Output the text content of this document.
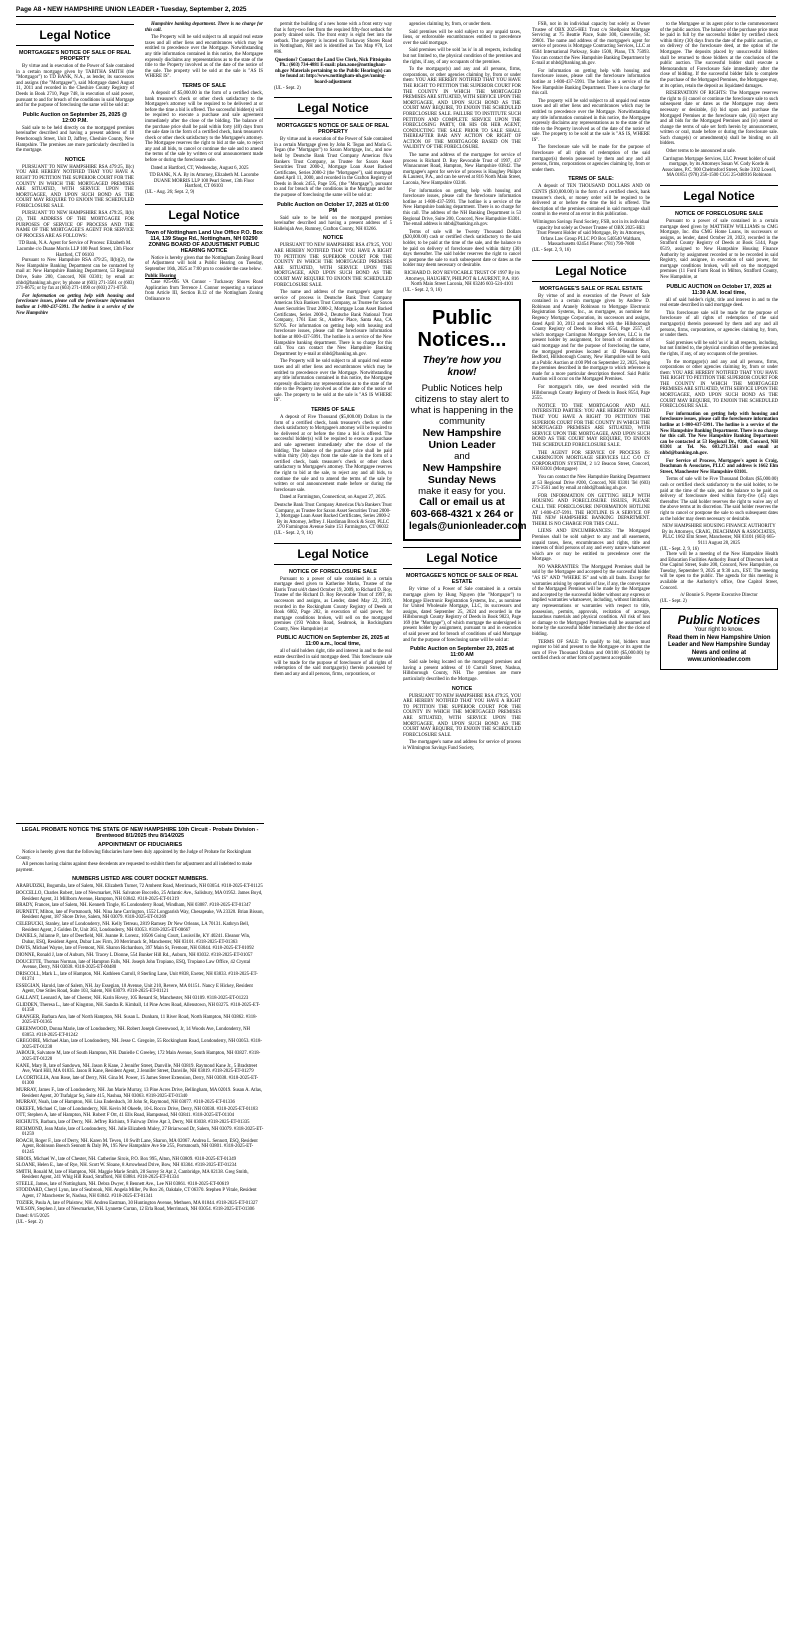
Page A8 • NEW HAMPSHIRE UNION LEADER • Tuesday, September 2, 2025
Legal Notice
MORTGAGEE'S NOTICE OF SALE OF REAL PROPERTY

By virtue and in execution of the Power of Sale contained in a certain mortgage given by TABITHA SMITH (the "Mortgagor") to TD BANK, N.A., as lender, its successors and assigns (the "Mortgagee"), said Mortgage dated August 11, 2011 and recorded in the Cheshire County Registry of Deeds in Book 2710, Page 748, in execution of said power, pursuant to and for breach of the conditions in said Mortgage and for the purpose of foreclosing the same will be sold at:

Public Auction on September 25, 2025 @ 12:00 P.M.

Said sale to be held directly on the mortgaged premises hereinafter described and having a present address of 18 Peterborough Street, Unit D, Jaffrey, Cheshire County, New Hampshire. The premises are more particularly described in the mortgage.

NOTICE

PURSUANT TO NEW HAMPSHIRE RSA 479:25, II(c) YOU ARE HEREBY NOTIFIED THAT YOU HAVE A RIGHT TO PETITION THE SUPERIOR COURT FOR THE COUNTY IN WHICH THE MORTGAGED PREMISES ARE SITUATED, WITH SERVICE UPON THE MORTGAGEE, AND UPON SUCH BOND AS THE COURT MAY REQUIRE TO ENJOIN THE SCHEDULED FORECLOSURE SALE.

PURSUANT TO NEW HAMPSHIRE RSA 479:25, II(b)(2), THE ADDRESS OF THE MORTGAGEE FOR PURPOSES OF SERVICE OF PROCESS AND THE NAME OF THE MORTGAGEE'S AGENT FOR SERVICE OF PROCESS ARE AS FOLLOWS:

TD Bank, N.A. Agent for Service of Process: Elizabeth M. Lacombe c/o Duane Morris LLP 100 Pearl Street, 13th Floor Hartford, CT 06103

Pursuant to New Hampshire RSA 479:25, II(b)(2), the New Hampshire Banking Department can be contacted by mail at: New Hampshire Banking Department, 53 Regional Drive, Suite 200, Concord, NH 03301; by email at: nhbd@banking.nh.gov; by phone at (603) 271-3561 or (603) 271-8675; or by fax at (603) 271-1090 or (603) 271-0750.

For information on getting help with housing and foreclosure issues, please call the foreclosure information hotline at 1-800-437-5991. The hotline is a service of the New Hampshire

Hampshire banking department. There is no charge for this call.

The Property will be sold subject to all unpaid real estate taxes and all other liens and encumbrances which may be entitled to precedence over the Mortgage. Notwithstanding any title information contained in this notice, the Mortgagee expressly disclaims any representations as to the state of the title to the Property involved as of the date of the notice of the sale. The property will be sold at the sale is "AS IS WHERE IS".

TERMS OF SALE

A deposit of $5,000.00 in the form of a certified check, bank treasurer's check or other check satisfactory to the Mortgagee's attorney will be required to be delivered at or before the time a bid is offered. The successful bidder(s) will be required to execute a purchase and sale agreement immediately after the close of the bidding. The balance of the purchase price shall be paid within forty (40) days from the sale date in the form of a certified check, bank treasurer's check or other check satisfactory to the Mortgagee's attorney. The Mortgagee reserves the right to bid at the sale, to reject any and all bids, to cancel or continue the sale and to amend the terms of the sale by written or oral announcement made before or during the foreclosure sale.

Dated at Hartford, CT, Wednesday, August 6, 2025

TD BANK, N.A. By its Attorney, Elizabeth M. Lacombe DUANE MORRIS LLP 100 Pearl Street, 13th Floor Hartford, CT 06103
(UL - Aug. 26; Sept. 2, 9)
Legal Notice
Town of Nottingham Land Use Office P.O. Box 114, 139 Stage Rd., Nottingham, NH 03290 ZONING BOARD OF ADJUSTMENT PUBLIC HEARING NOTICE

Notice is hereby given that the Nottingham Zoning Board of Adjustment will hold a Public Hearing on Tuesday, September 16th, 2025 at 7:00 pm to consider the case below.

Public Hearing

Case #25-005 VA Connor - Tuckaway Shores Road Application from Terrence J. Connor requesting a variance from Article III, Section B.12 of the Nottingham Zoning Ordinance to

permit the building of a new home with a front entry way that is forty-two feet from the required fifty-foot setback for poorly drained soils. The front entry is eight feet into the setback. The property is located on Tuckaway Shores Road in Nottingham, NH and is identified as Tax Map #70, Lot #86.

Questions? Contact the Land Use Clerk, Nick Pittsiquito Ph.: (603) 734-4881 E-mail: plan.zone@nottingham-nh.gov Materials pertaining to the Public Hearing(s) can be found at: http://www.nottingham-nh.gov/zoning-board-adjustment
(UL - Sept. 2)
Legal Notice
MORTGAGEE'S NOTICE OF SALE OF REAL PROPERTY

By virtue and in execution of the Power of Sale contained in a certain Mortgage given by John R. Tegan and Maria G. Tegan (the "Mortgagor") to Saxon Mortgage, Inc., and now held by Deutsche Bank Trust Company Americas f/k/a Bankers Trust Company, as Trustee for Saxon Asset Securities Trust 2000-2, Mortgage Loan Asset Backed Certificates, Series 2000-2 (the "Mortgagee"), said mortgage dated April 11, 2000, and recorded in the Grafton Registry of Deeds in Book 2455, Page 595, (the "Mortgage"), pursuant to and for breach of the conditions in the Mortgage and for the purpose of foreclosing the same will be sold at:

Public Auction on October 17, 2025 at 01:00 PM

Said sale to be held on the mortgaged premises hereinafter described and having a present address of 5 Hallelujah Ave, Rumney, Grafton County, NH 03266.

NOTICE

PURSUANT TO NEW HAMPSHIRE RSA 479:25, YOU ARE HEREBY NOTIFIED THAT YOU HAVE A RIGHT TO PETITION THE SUPERIOR COURT FOR THE COUNTY IN WHICH THE MORTGAGED PREMISES ARE SITUATED, WITH SERVICE UPON THE MORTGAGEE, AND UPON SUCH BOND AS THE COURT MAY REQUIRE TO ENJOIN THE SCHEDULED FORECLOSURE SALE.

The name and address of the mortgagee's agent for service of process is Deutsche Bank Trust Company Americas f/k/a Bankers Trust Company, as Trustee for Saxon Asset Securities Trust 2000-2, Mortgage Loan Asset Backed Certificates, Series 2000-2, Deutsche Bank National Trust Company, 1761 East St., Andrew Place, Santa Ana, CA 92705. For information on getting help with housing and foreclosure issues, please call the foreclosure information hotline at 800-437-5991. The hotline is a service of the New Hampshire banking department. There is no charge for this call. You can contact the New Hampshire Banking Department by e-mail at nhbd@banking.nh.gov.

The Property will be sold subject to all unpaid real estate taxes and all other liens and encumbrances which may be entitled to precedence over the Mortgage. Notwithstanding any title information contained in this notice, the Mortgagee expressly disclaims any representations as to the state of the title to the Property involved as of the date of the notice of sale. The property to be sold at the sale is "AS IS WHERE IS".

TERMS OF SALE

A deposit of Five Thousand ($5,000.00) Dollars in the form of a certified check, bank treasurer's check or other check satisfactory to Mortgagee's attorney will be required to be delivered at or before the time a bid is offered. The successful bidder(s) will be required to execute a purchase and sale agreement immediately after the close of the bidding. The balance of the purchase price shall be paid within thirty (30) days from the sale date in the form of a certified check, bank treasurer's check or other check satisfactory to Mortgagee's attorney. The Mortgagee reserves the right to bid at the sale, to reject any and all bids, to continue the sale and to amend the terms of the sale by written or oral announcement made before or during the foreclosure sale.

Dated at Farmington, Connecticut, on August 27, 2025.

Deutsche Bank Trust Company Americas f/k/a Bankers Trust Company, as Trustee for Saxon Asset Securities Trust 2000-2, Mortgage Loan Asset Backed Certificates, Series 2000-2 By its Attorney, Jeffrey J. Hardiman Brock & Scott, PLLC 270 Farmington Avenue Suite 151 Farmington, CT 06032
(UL - Sept. 2, 9, 16)
Legal Notice
NOTICE OF FORECLOSURE SALE

Pursuant to a power of sale contained in a certain mortgage deed given to Katherine Marks, Trustee of the Harris Trust u/d/t dated October 19, 2009, to Richard D. Roy, Trustee of the Richard D. Roy Revocable Trust of 1997, its successors and assigns, as Lender, dated May 22, 2019, recorded in the Rockingham County Registry of Deeds at Book 6002, Page 282, in execution of said power, for mortgage conditions broken, will sell on the mortgaged premises (193 Walton Road, Seabrook, in Rockingham County, New Hampshire) at

PUBLIC AUCTION on September 26, 2025 at 11:00 a.m., local time,

all of said holders right, title and interest in and to the real estate described in said mortgage deed. This foreclosure sale will be made for the purpose of foreclosure of all rights of redemption of the said mortgagor(s) therein possessed by them and any and all persons, firms, corporations, or

agencies claiming by, from, or under them.

Said premises will be sold subject to any unpaid taxes, liens, or enforceable encumbrances entitled to precedence over the said mortgage.

Said premises will be sold 'as is' in all respects, including but not limited to, the physical condition of the premises and the rights, if any, of any occupants of the premises.

To the mortgagor(s) and any and all persons, firms, corporations, or other agencies claiming by, from or under them: YOU ARE HEREBY NOTIFIED THAT YOU HAVE THE RIGHT TO PETITION THE SUPERIOR COURT FOR THE COUNTY IN WHICH THE MORTGAGED PREMISES ARE SITUATED, WITH SERVICE UPON THE MORTGAGEE, AND UPON SUCH BOND AS THE COURT MAY REQUIRE, TO ENJOIN THE SCHEDULED FORECLOSURE SALE. FAILURE TO INSTITUTE SUCH PETITION AND COMPLETE SERVICE UPON THE FORECLOSING PARTY, OR HIS OR HER AGENT, CONDUCTING THE SALE PRIOR TO SALE SHALL THEREAFTER BAR ANY ACTION OR RIGHT OF ACTION OF THE MORTGAGOR BASED ON THE VALIDITY OF THE FORECLOSURE.

The name and address of the mortgagee for service of process is Richard D. Roy Revocable Trust of 1997, 437 Winnacunnet Road, Hampton, New Hampshire 03842. The mortgagee's agent for service of process is Haughey Philpot & Laurent, P.A., and can be served at 816 North Main Street, Laconia, New Hampshire 03246.

For information on getting help with housing and foreclosure issues, please call the foreclosure information hotline at 1-800-437-5991. The hotline is a service of the New Hampshire banking department. There is no charge for this call. The address of the NH Banking Department is 53 Regional Drive, Suite 200, Concord, New Hampshire 03301. The email address is nhbd@banking.nh.gov.

Terms of sale will be Twenty Thousand Dollars ($20,000.00) cash or certified check satisfactory to the said holder, to be paid at the time of the sale, and the balance to be paid on delivery of foreclosure deed within thirty (30) days thereafter. The said holder reserves the right to cancel or postpone the sale to such subsequent date or dates as the holder may deem necessary or desirable.

RICHARD D. ROY REVOCABLE TRUST OF 1997 By its Attorneys, HAUGHEY, PHILPOT & LAURENT, P.A. 816 North Main Street Laconia, NH 03246 603-524-4101
(UL - Sept. 2, 9, 16)
Public Notices...
They're how you know!
Public Notices help citizens to stay alert to what is happening in the community
New Hampshire Union Leader
and
New Hampshire Sunday News
make it easy for you.
Call or email us at 603-668-4321 x 264 or legals@unionleader.com
Legal Notice
MORTGAGEE'S NOTICE OF SALE OF REAL ESTATE

By virtue of a Power of Sale contained in a certain mortgage given by Hung Nguyen (the "Mortgagor") to Mortgage Electronic Registration Systems, Inc., as nominee for United Wholesale Mortgage, LLC, its successors and assigns, dated September 25, 2024 and recorded in the Hillsborough County Registry of Deeds in Book 9823, Page 169 (the "Mortgage"), of which mortgage the undersigned is present holder by assignment, pursuant to and in execution of said power and for breach of conditions of said Mortgage and for the purpose of foreclosing same will be sold at:

Public Auction on September 23, 2025 at 11:00 AM

Said sale being located on the mortgaged premises and having a present address of 10 Carroll Street, Nashua, Hillsborough County, NH. The premises are more particularly described in the Mortgage.

NOTICE

PURSUANT TO NEW HAMPSHIRE RSA 479:25, YOU ARE HEREBY NOTIFIED THAT YOU HAVE A RIGHT TO PETITION THE SUPERIOR COURT FOR THE COUNTY IN WHICH THE MORTGAGED PREMISES ARE SITUATED, WITH SERVICE UPON THE MORTGAGEE, AND UPON SUCH BOND AS THE COURT MAY REQUIRE, TO ENJOIN THE SCHEDULED FORECLOSURE SALE.

The mortgagee's name and address for service of process is Wilmington Savings Fund Society,

FSB, not in its individual capacity but solely as Owner Trustee of OBX 2025-HE1 Trust c/o Shellpoint Mortgage Servicing at 75 Beattie Place, Suite 300, Greenville, SC 29601. The name and address of the mortgagee's agent for service of process is Mortgage Contracting Services, LLC at 6504 International Parkway, Suite 1500, Plano, TX 75093. You can contact the New Hampshire Banking Department by E-mail at nhbd@banking.nh.gov.

For information on getting help with housing and foreclosure issues, please call the foreclosure information hotline at 1-800-437-5991. The hotline is a service of the New Hampshire Banking Department. There is no charge for this call.

The property will be sold subject to all unpaid real estate taxes and all other liens and encumbrances which may be entitled to precedence over the Mortgage. Notwithstanding any title information contained in this notice, the Mortgagee expressly disclaims any representations as to the state of the title to the Property involved as of the date of the notice of sale. The property to be sold at the sale is "AS IS, WHERE IS".

The foreclosure sale will be made for the purpose of foreclosure of all rights of redemption of the said mortgagor(s) therein possessed by them and any and all persons, firms, corporations or agencies claiming by, from or under them.

TERMS OF SALE:

A deposit of TEN THOUSAND DOLLARS AND 00 CENTS ($10,000.00) in the form of a certified check, bank treasurer's check, or money order will be required to be delivered at or before the time the bid is offered. The description of the premises contained in said mortgage shall control in the event of an error in this publication.

Wilmington Savings Fund Society, FSB, not in its individual capacity but solely as Owner Trustee of OBX 2025-HE1 Trust Present Holder of said Mortgage, By its Attorneys, Orlans Law Group PLLC PO Box 540540 Waltham, Massachusetts 02454 Phone: (781) 790-7800
(UL - Sept. 2, 9, 16)
Legal Notice
MORTGAGEE'S SALE OF REAL ESTATE

By virtue of and in execution of the Power of Sale contained in a certain mortgage given by Andrew D. Robinson and Aranely Robinson to Mortgage Electronic Registration Systems, Inc., as mortgagee, as nominee for Regency Mortgage Corporation, its successors and assigns, dated April 30, 2013 and recorded with the Hillsborough County Registry of Deeds in Book 8554, Page 2557, of which mortgage Carrington Mortgage Services, LLC is the present holder by assignment, for breach of conditions of said mortgage and for the purpose of foreclosing the same, the mortgaged premises located at 42 Pheasant Run, Bedford, Hillsborough County, New Hampshire will be sold at a Public Auction at 4:00 PM on September 22, 2025, being the premises described in the mortgage to which reference is made for a more particular description thereof. Said Public Auction will occur on the Mortgaged Premises.

For mortgagor's title, see deed recorded with the Hillsborough County Registry of Deeds in Book 8554, Page 2555.

NOTICE TO THE MORTGAGOR AND ALL INTERESTED PARTIES: YOU ARE HEREBY NOTIFIED THAT YOU HAVE A RIGHT TO PETITION THE SUPERIOR COURT FOR THE COUNTY IN WHICH THE MORTGAGED PREMISES ARE SITUATED, WITH SERVICE UPON THE MORTGAGEE, AND UPON SUCH BOND AS THE COURT MAY REQUIRE, TO ENJOIN THE SCHEDULED FORECLOSURE SALE.

THE AGENT FOR SERVICE OF PROCESS IS: CARRINGTON MORTGAGE SERVICES LLC C/O CT CORPORATION SYSTEM, 2 1/2 Beacon Street, Concord, NH 03301 (Mortgagee)

You can contact the New Hampshire Banking Department at 53 Regional Drive #200, Concord, NH 03301 Tel (603) 271-3561 and by email at nhbd@banking.nh.gov.

FOR INFORMATION ON GETTING HELP WITH HOUSING AND FORECLOSURE ISSUES, PLEASE CALL THE FORECLOSURE INFORMATION HOTLINE AT 1-800-437-5991. THE HOTLINE IS A SERVICE OF THE NEW HAMPSHIRE BANKING DEPARTMENT. THERE IS NO CHARGE FOR THIS CALL.

LIENS AND ENCUMBRANCES: The Mortgaged Premises shall be sold subject to any and all easements, unpaid taxes, liens, encumbrances and rights, title and interests of third persons of any and every nature whatsoever which are or may be entitled to precedence over the Mortgage.

NO WARRANTIES: The Mortgaged Premises shall be sold by the Mortgagee and accepted by the successful bidder "AS IS" AND "WHERE IS" and with all faults. Except for warranties arising by operation of law, if any, the conveyance of the Mortgaged Premises will be made by the Mortgagee and accepted by the successful bidder without any express or implied warranties whatsoever, including, without limitation, any representations or warranties with respect to title, possession, permits, approvals, recitation of acreage, hazardous materials and physical condition. All risk of loss or damage to the Mortgaged Premises shall be assumed and borne by the successful bidder immediately after the close of bidding.

TERMS OF SALE: To qualify to bid, bidders must register to bid and present to the Mortgagee or its agent the sum of Five Thousand Dollars and 00/100 ($5,000.00) by certified check or other form of payment acceptable

to the Mortgagee or its agent prior to the commencement of the public auction. The balance of the purchase price must be paid in full by the successful bidder by certified check within thirty (30) days from the date of the public auction, or on delivery of the foreclosure deed, at the option of the Mortgagee. The deposits placed by unsuccessful bidders shall be returned to those bidders at the conclusion of the public auction. The successful bidder shall execute a Memorandum of Foreclosure Sale immediately after the close of bidding. If the successful bidder fails to complete the purchase of the Mortgaged Premises, the Mortgagee may, at its option, retain the deposit as liquidated damages.

RESERVATION OF RIGHTS: The Mortgagee reserves the right to (i) cancel or continue the foreclosure sale to such subsequent date or dates as the Mortgagee may deem necessary or desirable, (ii) bid upon and purchase the Mortgaged Premises at the foreclosure sale, (iii) reject any and all bids for the Mortgaged Premises and (iv) amend or change the terms of sale set forth herein by announcement, written or oral, made before or during the foreclosure sale. Such change(s) or amendment(s) shall be binding on all bidders.

Other terms to be announced at sale.

Carrington Mortgage Services, LLC Present holder of said mortgage, by its Attorneys Susan W. Cody Korde & Associates, P.C. 900 Chelmsford Street, Suite 3102 Lowell, MA 01851 (978) 256-1500 CGG 25-048916 Robinson
Legal Notice
NOTICE OF FORECLOSURE SALE

Pursuant to a power of sale contained in a certain mortgage deed given by MATTHEW WILLIAMS to CMG Mortgage, Inc. dba CMG Home Loans, its successors or assigns, as lender, dated October 20, 2023, recorded in the Strafford County Registry of Deeds at Book 5144, Page 0519, assigned to New Hampshire Housing Finance Authority by assignment recorded or to be recorded in said Registry, said assignee, in execution of said power, for mortgage conditions broken, will sell on the mortgaged premises (11 Ford Farm Road in Milton, Strafford County, New Hampshire, at

PUBLIC AUCTION on October 17, 2025 at 11:30 A.M. local time,

all of said holder's right, title and interest in and to the real estate described in said mortgage deed.

This foreclosure sale will be made for the purpose of foreclosure of all rights of redemption of the said mortgagor(s) therein possessed by them and any and all persons, firms, corporations, or agencies claiming by, from, or under them.

Said premises will be sold 'as is' in all respects, including, but not limited to, the physical condition of the premises and the rights, if any, of any occupants of the premises.

To the mortgagor(s) and any and all persons, firms, corporations or other agencies claiming by, from or under them: YOU ARE HEREBY NOTIFIED THAT YOU HAVE THE RIGHT TO PETITION THE SUPERIOR COURT FOR THE COUNTY IN WHICH THE MORTGAGED PREMISES ARE SITUATED, WITH SERVICE UPON THE MORTGAGEE, AND UPON SUCH BOND AS THE COURT MAY REQUIRE, TO ENJOIN THE SCHEDULED FORECLOSURE SALE.

For information on getting help with housing and foreclosure issues, please call the foreclosure information hotline at 1-800-437-5991. The hotline is a service of the New Hampshire Banking Department. There is no charge for this call. The New Hampshire Banking Department can be contacted at 53 Regional Dr., #200, Concord, NH 03301 at Tel. No. 603.271.3561 and email at nhbd@banking.nh.gov.

For Service of Process, Mortgagee's agent is Craig, Deachman & Associates, PLLC and address is 1662 Elm Street, Manchester New Hampshire 03101.

Terms of sale will be Five Thousand Dollars ($5,000.00) cash or certified check satisfactory to the said holder, to be paid at the time of the sale, and the balance to be paid on delivery of foreclosure deed within forty-five (45) days thereafter. The said holder reserves the right to waive any of the above terms at its discretion. The said holder reserves the right to cancel or postpone the sale to such subsequent dates as the holder may deem necessary or desirable.

NEW HAMPSHIRE HOUSING FINANCE AUTHORITY By its Attorneys, CRAIG, DEACHMAN & ASSOCIATES, PLLC 1662 Elm Street, Manchester, NH 03101 (603) 665-9111 August 28, 2025
(UL - Sept. 2, 9, 16)

There will be a meeting of the New Hampshire Health and Education Facilities Authority Board of Directors held at One Capitol Street, Suite 200, Concord, New Hampshire, on Tuesday, September 9, 2025 at 9:30 a.m., EST. The meeting will be open to the public. The agenda for this meeting is available at the Authority's office, One Capitol Street, Concord.

/s/ Bonnie S. Payette Executive Director
(UL - Sept. 2)
Public Notices
Your right to know.
Read them in New Hampshire Union Leader and New Hampshire Sunday News and online at www.unionleader.com
LEGAL PROBATE NOTICE THE STATE OF NEW HAMPSHIRE 10th Circuit - Probate Division - Brentwood 8/1/2025 thru 8/14/2025
APPOINTMENT OF FIDUCIARIES

Notice is hereby given that the following fiduciaries have been duly appointed by the Judge of Probate for Rockingham County.

All persons having claims against these decedents are requested to exhibit them for adjustment and all indebted to make payment.

NUMBERS LISTED ARE COURT DOCKET NUMBERS.

ARABUDZKI, Bogumila, late of Salem, NH. Elizabeth Turner, 72 Amherst Road, Merrimack, NH 03054. #318-2025-ET-01125

BOCCELLO, Charles Robert, late of Newmarket, NH. Salvatore Boccello, 25 Atlantic Ave., Salisbury, MA 01952. James Boyd, Resident Agent, 31 Millborn Avenue, Hampton, NH 03842. #318-2025-ET-01319

BRADY, Frances, late of Salem, NH. Kenneth Tingle, 85 Londonderry Road, Windham, NH 03087. #318-2025-ET-01347

BURNETT, Milton, late of Portsmouth, NH. Nina Jane Carrington, 1552 Longparish Way, Chesapeake, VA 23320. Brian Bisson, Resident Agent, 187 Shore Drive, Salem, NH 03079. #318-2025-ET-01269

CELEBUCKI, Stanley, late of Londonderry, NH. Kelly Tetreau, 2819 Ramsey Dr New Orleans, LA 70131. Kathryn Bell, Resident Agent, 2 Golden Dr, Unit 363, Londonderry, NH 03053. #318-2025-ET-00667

DANIELS, Julianne P., late of Deerfield, NH. Joanne R. Lorenz, 10506 Going Court, Louisville, KY 40241. Eleanor Win, Dubar, ESQ, Resident Agent, Dubar Law Firm, 20 Merrimack St, Manchester, NH 03101. #318-2025-ET-01363

DAVIS, Michael Wayne, late of Fremont, NH. Sharon Richardson, 397 Main St, Fremont, NH 03044. #318-2025-ET-01092

DIONNE, Ronald J, late of Auburn, NH. Tracey L Dionne, 554 Bunker Hill Rd., Auburn, NH 03032. #318-2025-ET-01057

DOUCETTE, Thomas Norman, late of Hampton Falls, NH. Joseph John Tropiano, ESQ, Tropiano Law Office, 42 Crystal Avenue, Derry, NH 03038. #318-2025-ET-00480

DRISCOLL, Mark L., late of Hampton, NH. Kathleen Carroll, 8 Sterling Lane, Unit #838, Exeter, NH 03833. #318-2025-ET-01374

ESSEGIAN, Harold, late of Salem, NH. Jay Essegian, 10 Avenue, Unit 210, Revere, MA 01151. Nancy E Hickey, Resident Agent, One Stiles Road, Suite 103, Salem, NH 03079. #318-2025-ET-01121

GALLANT, Leonard A, late of Chester, NH. Karin Hovey, 105 Renard St, Manchester, NH 03109. #318-2025-ET-01223

GLIDDEN, Theresa L., late of Kingston, NH. Sandra R. Kimball, 14 Pine Acres Road, Allenstown, NH 03275. #318-2025-ET-01358

GRANGER, Barbara Ann, late of North Hampton, NH. Susan L. Dunham, 11 River Road, North Hampton, NH 03862. #318-2025-ET-01365

GREENWOOD, Donna Marie, late of Londonderry, NH. Robert Joseph Greenwood, Jr, 14 Woods Ave, Londonderry, NH 03053. #318-2025-ET-01242

GREGOIRE, Michael Alan, late of Londonderry, NH. Jesse C. Gregoire, 55 Rockingham Road, Londonderry, NH 03053. #318-2025-ET-01238

JABOUR, Salvatore M, late of South Hampton, NH. Danielle C Greeley, 172 Main Avenue, South Hampton, NH 03827. #318-2025-ET-01228

KANE, Mary R, late of Sandown, NH. Jason R Kane, 2 Jennifer Street, Danville, NH 03819. Raymond Kane Jr., 5 Bradstreet Ave, Ward Hill, MA 01835. Jason R Kane, Resident Agent, 2 Jennifer Street, Danville, NH 03819. #318-2025-ET-01279

LA CORTIGLIA, Ann Rose, late of Derry, NH. Gina M. Power, 15 James Street Extension, Derry, NH 03038. #318-2025-ET-01300

MURRAY, James F., late of Londonderry, NH. Jan Marie Murray, 13 Pine Acres Drive, Bellingham, MA 02019. Susan A. Atlas, Resident Agent, 20 Trafalgar Sq, Suite 415, Nashua, NH 03063. #318-2025-ET-01340

MURRAY, Noah, late of Hampton, NH. Lisa Endenbach, 30 John St, Raymond, NH 03077. #318-2025-ET-01336

OKEEFE, Michael C, late of Londonderry, NH. Kevin M Okeefe, 10-L Rocco Drive, Derry, NH 03038. #318-2025-ET-01183

OTT, Stephen A, late of Hampton, NH. Robert F Ott, 41 Ells Road, Hampstead, NH 03841. #318-2025-ET-01104

RICHIUTS, Barbara, late of Derry, NH. Jeffrey Richiuts, 9 Fairway Drive Apt 3, Derry, NH 03038. #318-2025-ET-01335

RICHMOND, Jean Marie, late of Londonderry, NH. Julie Elizabeth Muley, 27 Briarwood Dr, Salem, NH 03079. #318-2025-ET-01259

ROACH, Roger F., late of Derry, NH. Karen M. Teven, 10 Swift Lane, Sharon, MA 02067. Andrea L. Sennott, ESQ, Resident Agent, Robinson Boesch Sennott & Daly PA, 195 New Hampshire Ave Ste 255, Portsmouth, NH 03801. #318-2025-ET-01245

SIROIS, Michael W., late of Chester, NH. Catherine Sirois, P.O. Box 995, Alton, NH 03809. #318-2025-ET-01349

SLOANE, Helen E., late of Rye, NH. Scott W. Sloane, 8 Arrowhead Drive, Bow, NH 03304. #318-2025-ET-01234

SMITH, Ronald M, late of Hampton, NH. Maggie Marie Smith, 28 Surrey St Apt 2, Cambridge, MA 02138. Greg Smith, Resident Agent, 241 Whig Hill Road, Strafford, NH 03884. #318-2025-ET-01334

STEELE, James, late of Nottingham, NH. Debra Dwyer, 8 Bennett Ave., Lee NH 03861. #318-2025-ET-00619

STODDARD, Cheryl Lynn, late of Seabrook, NH. Angela Miller, Po Box 26, Oakdale, CT 06370. Stephen P Vitale, Resident Agent, 17 Manchester St, Nashua, NH 03842. #318-2025-ET-01341

TOZIER, Paula A, late of Plaistow, NH. Andrea Eastman, 30 Huntington Avenue, Methuen, MA 01844. #318-2025-ET-01327

WILSON, Stephen J, late of Newmarket, NH. Lynnette Curran, 12 Erla Road, Merrimack, NH 03054. #318-2025-ET-01306

Dated: 8/15/2025

(UL - Sept. 2)
